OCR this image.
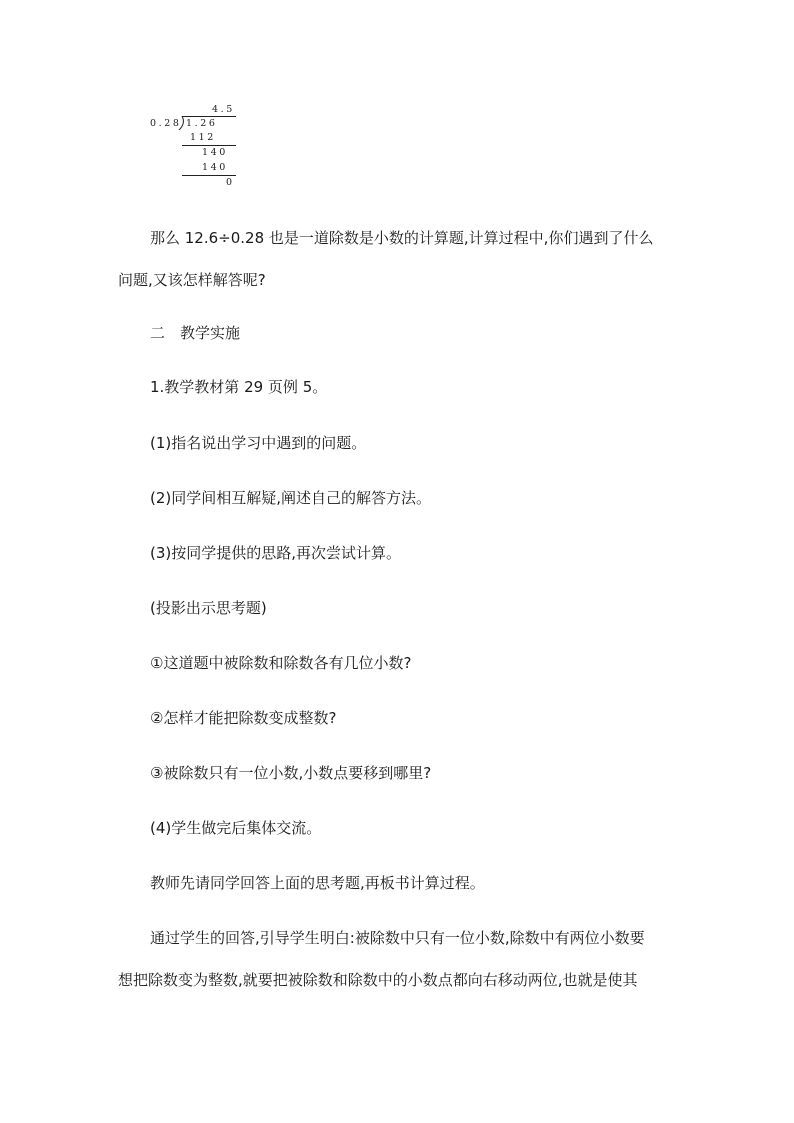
4.5
0.28 1.26
112
140
140
0
那么 12.6÷0.28 也是一道除数是小数的计算题,计算过程中,你们遇到了什么
问题,又该怎样解答呢?
二　教学实施
1.教学教材第 29 页例 5。
(1)指名说出学习中遇到的问题。
(2)同学间相互解疑,阐述自己的解答方法。
(3)按同学提供的思路,再次尝试计算。
(投影出示思考题)
①这道题中被除数和除数各有几位小数?
②怎样才能把除数变成整数?
③被除数只有一位小数,小数点要移到哪里?
(4)学生做完后集体交流。
教师先请同学回答上面的思考题,再板书计算过程。
通过学生的回答,引导学生明白:被除数中只有一位小数,除数中有两位小数要
想把除数变为整数,就要把被除数和除数中的小数点都向右移动两位,也就是使其
